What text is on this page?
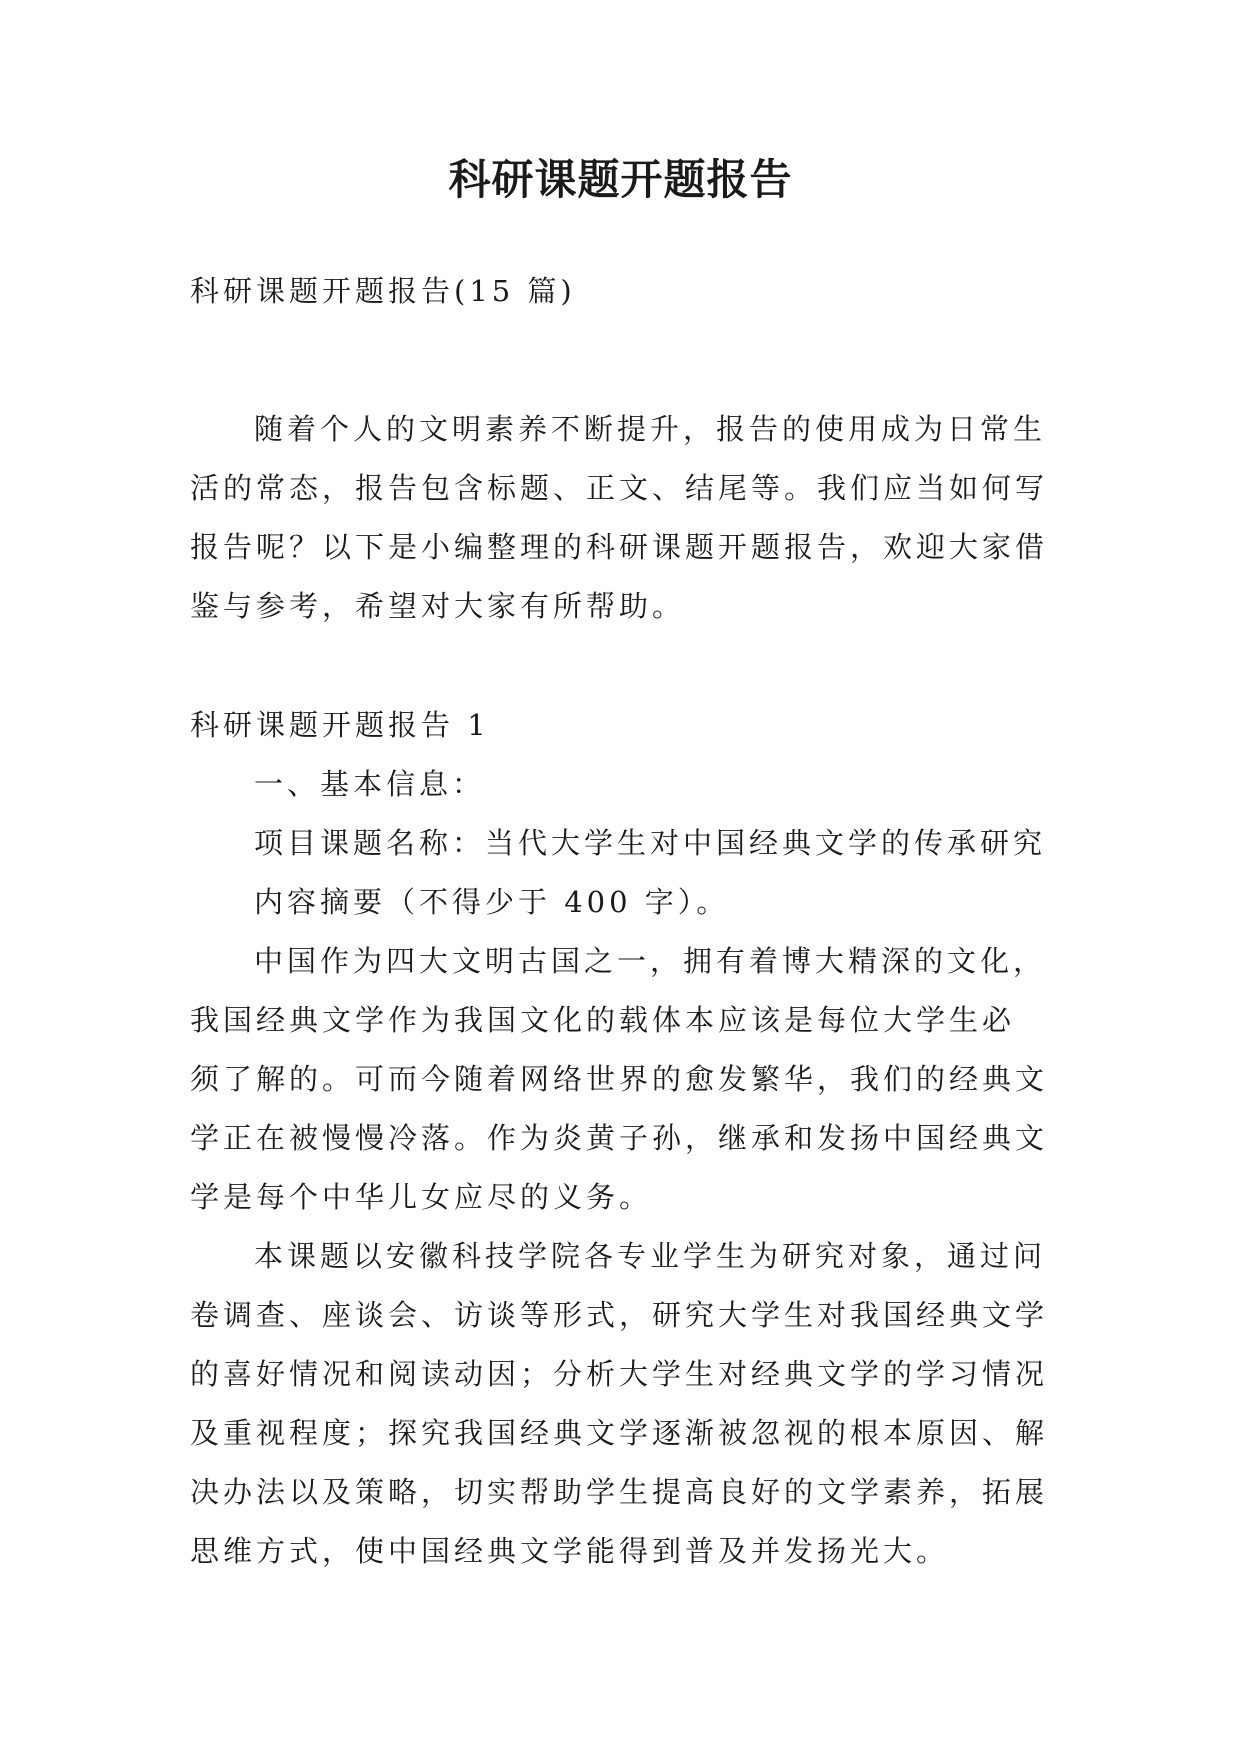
科研课题开题报告
科研课题开题报告(15 篇)
随着个人的文明素养不断提升，报告的使用成为日常生
活的常态，报告包含标题、正文、结尾等。我们应当如何写
报告呢？以下是小编整理的科研课题开题报告，欢迎大家借
鉴与参考，希望对大家有所帮助。
科研课题开题报告 1
一、基本信息：
项目课题名称：当代大学生对中国经典文学的传承研究
内容摘要（不得少于 400 字）。
中国作为四大文明古国之一，拥有着博大精深的文化，
我国经典文学作为我国文化的载体本应该是每位大学生必
须了解的。可而今随着网络世界的愈发繁华，我们的经典文
学正在被慢慢冷落。作为炎黄子孙，继承和发扬中国经典文
学是每个中华儿女应尽的义务。
本课题以安徽科技学院各专业学生为研究对象，通过问
卷调查、座谈会、访谈等形式，研究大学生对我国经典文学
的喜好情况和阅读动因；分析大学生对经典文学的学习情况
及重视程度；探究我国经典文学逐渐被忽视的根本原因、解
决办法以及策略，切实帮助学生提高良好的文学素养，拓展
思维方式，使中国经典文学能得到普及并发扬光大。
